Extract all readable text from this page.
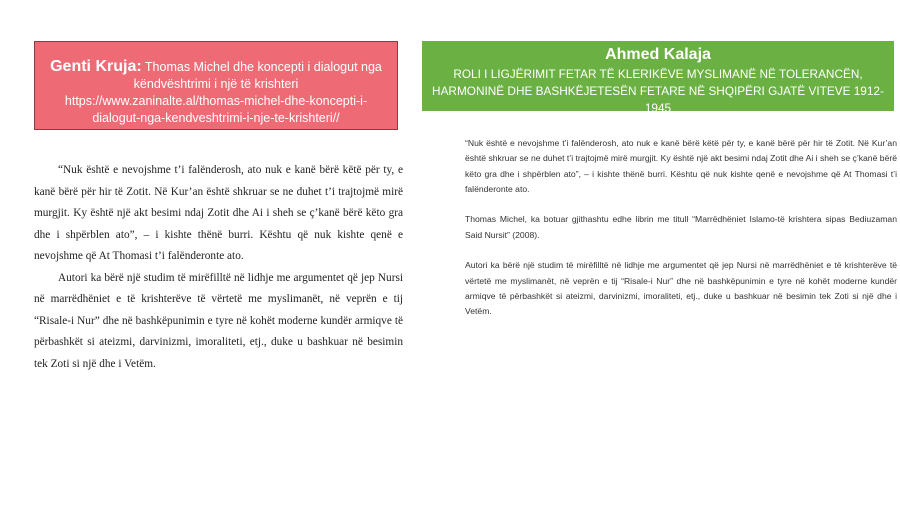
Genti Kruja: Thomas Michel dhe koncepti i dialogut nga këndvështrimi i një të krishteri
https://www.zaninalte.al/thomas-michel-dhe-koncepti-i-dialogut-nga-kendveshtrimi-i-nje-te-krishteri//
Ahmed Kalaja
ROLI I LIGJËRIMIT FETAR TË KLERIKËVE MYSLIMANË NË TOLERANCËN, HARMONINË DHE BASHKËJETESËN FETARE NË SHQIPËRI GJATË VITEVE 1912-1945

“Nuk është e nevojshme t’i falënderosh, ato nuk e kanë bërë këtë për ty, e kanë bërë për hir të Zotit. Në Kur’an është shkruar se ne duhet t’i trajtojmë mirë murgjit. Ky është një akt besimi ndaj Zotit dhe Ai i sheh se ç’kanë bërë këto gra dhe i shpërblen ato”, – i kishte thënë burri. Kështu që nuk kishte qenë e nevojshme që At Thomasi t’i falënderonte ato.

Autori ka bërë një studim të mirëfilltë në lidhje me argumentet që jep Nursi në marrëdhëniet e të krishterëve të vërtetë me myslimanët, në veprën e tij “Risale-i Nur” dhe në bashkëpunimin e tyre në kohët moderne kundër armiqve të përbashkët si ateizmi, darvinizmi, imoraliteti, etj., duke u bashkuar në besimin tek Zoti si një dhe i Vetëm.

“Nuk është e nevojshme t’i falënderosh, ato nuk e kanë bërë këtë për ty, e kanë bërë për hir të Zotit. Në Kur’an është shkruar se ne duhet t’i trajtojmë mirë murgjit. Ky është një akt besimi ndaj Zotit dhe Ai i sheh se ç’kanë bërë këto gra dhe i shpërblen ato”, – i kishte thënë burri. Kështu që nuk kishte qenë e nevojshme që At Thomasi t’i falënderonte ato.

Thomas Michel, ka botuar gjithashtu edhe librin me titull “Marrëdhëniet Islamo-të krishtera sipas Bediuzaman Said Nursit” (2008).

Autori ka bërë një studim të mirëfilltë në lidhje me argumentet që jep Nursi në marrëdhëniet e të krishterëve të vërtetë me myslimanët, në veprën e tij “Risale-i Nur” dhe në bashkëpunimin e tyre në kohët moderne kundër armiqve të përbashkët si ateizmi, darvinizmi, imoraliteti, etj., duke u bashkuar në besimin tek Zoti si një dhe i Vetëm.
